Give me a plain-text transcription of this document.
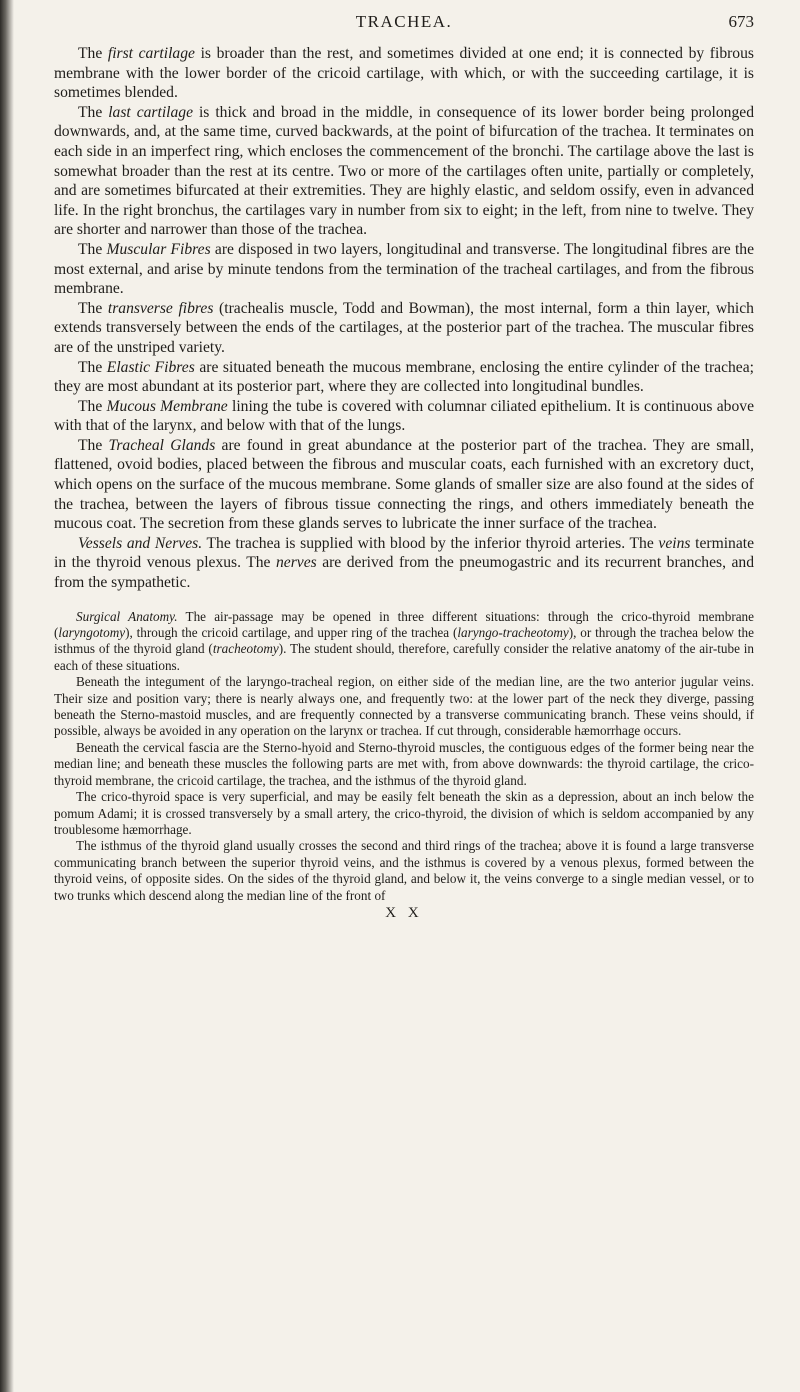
TRACHEA.	673

The first cartilage is broader than the rest, and sometimes divided at one end; it is connected by fibrous membrane with the lower border of the cricoid cartilage, with which, or with the succeeding cartilage, it is sometimes blended.

The last cartilage is thick and broad in the middle, in consequence of its lower border being prolonged downwards, and, at the same time, curved backwards, at the point of bifurcation of the trachea. It terminates on each side in an imperfect ring, which encloses the commencement of the bronchi. The cartilage above the last is somewhat broader than the rest at its centre. Two or more of the cartilages often unite, partially or completely, and are sometimes bifurcated at their extremities. They are highly elastic, and seldom ossify, even in advanced life. In the right bronchus, the cartilages vary in number from six to eight; in the left, from nine to twelve. They are shorter and narrower than those of the trachea.

The Muscular Fibres are disposed in two layers, longitudinal and transverse. The longitudinal fibres are the most external, and arise by minute tendons from the termination of the tracheal cartilages, and from the fibrous membrane.

The transverse fibres (trachealis muscle, Todd and Bowman), the most internal, form a thin layer, which extends transversely between the ends of the cartilages, at the posterior part of the trachea. The muscular fibres are of the unstriped variety.

The Elastic Fibres are situated beneath the mucous membrane, enclosing the entire cylinder of the trachea; they are most abundant at its posterior part, where they are collected into longitudinal bundles.

The Mucous Membrane lining the tube is covered with columnar ciliated epithelium. It is continuous above with that of the larynx, and below with that of the lungs.

The Tracheal Glands are found in great abundance at the posterior part of the trachea. They are small, flattened, ovoid bodies, placed between the fibrous and muscular coats, each furnished with an excretory duct, which opens on the surface of the mucous membrane. Some glands of smaller size are also found at the sides of the trachea, between the layers of fibrous tissue connecting the rings, and others immediately beneath the mucous coat. The secretion from these glands serves to lubricate the inner surface of the trachea.

Vessels and Nerves. The trachea is supplied with blood by the inferior thyroid arteries. The veins terminate in the thyroid venous plexus. The nerves are derived from the pneumogastric and its recurrent branches, and from the sympathetic.

Surgical Anatomy. The air-passage may be opened in three different situations: through the crico-thyroid membrane (laryngotomy), through the cricoid cartilage, and upper ring of the trachea (laryngo-tracheotomy), or through the trachea below the isthmus of the thyroid gland (tracheotomy). The student should, therefore, carefully consider the relative anatomy of the air-tube in each of these situations.

Beneath the integument of the laryngo-tracheal region, on either side of the median line, are the two anterior jugular veins. Their size and position vary; there is nearly always one, and frequently two: at the lower part of the neck they diverge, passing beneath the Sterno-mastoid muscles, and are frequently connected by a transverse communicating branch. These veins should, if possible, always be avoided in any operation on the larynx or trachea. If cut through, considerable hæmorrhage occurs.

Beneath the cervical fascia are the Sterno-hyoid and Sterno-thyroid muscles, the contiguous edges of the former being near the median line; and beneath these muscles the following parts are met with, from above downwards: the thyroid cartilage, the crico-thyroid membrane, the cricoid cartilage, the trachea, and the isthmus of the thyroid gland.

The crico-thyroid space is very superficial, and may be easily felt beneath the skin as a depression, about an inch below the pomum Adami; it is crossed transversely by a small artery, the crico-thyroid, the division of which is seldom accompanied by any troublesome hæmorrhage.

The isthmus of the thyroid gland usually crosses the second and third rings of the trachea; above it is found a large transverse communicating branch between the superior thyroid veins, and the isthmus is covered by a venous plexus, formed between the thyroid veins, of opposite sides. On the sides of the thyroid gland, and below it, the veins converge to a single median vessel, or to two trunks which descend along the median line of the front of

X X
